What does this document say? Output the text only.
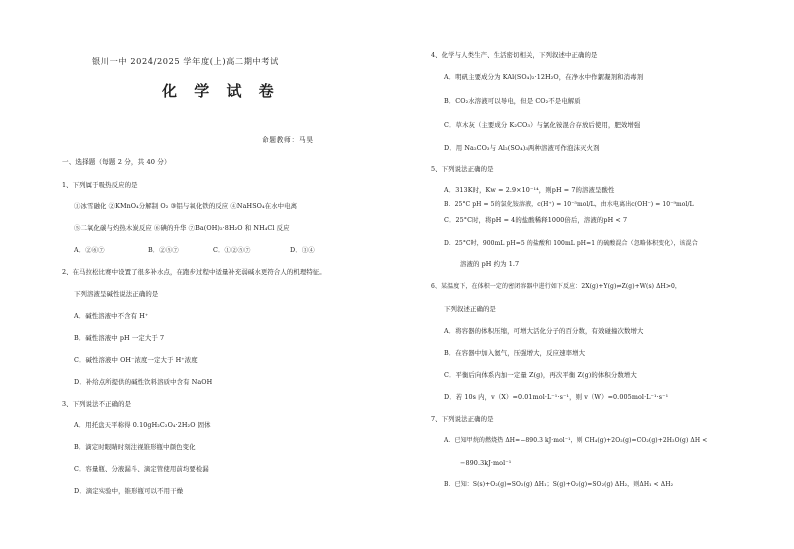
银川一中 2024/2025 学年度(上)高二期中考试
化 学 试 卷
命题教师：马昊
一、选择题（每题 2 分，共 40 分）
1、下列属于吸热反应的是
①冰雪融化 ②KMnO₄分解制 O₂ ③铝与氧化铁的反应 ④NaHSO₄在水中电离
⑤二氧化碳与灼热木炭反应 ⑥碘的升华 ⑦Ba(OH)₂·8H₂O 和 NH₄Cl 反应
A．②⑥⑦	B．②⑤⑦	C．①②⑤⑦	D．③④
2、在马拉松比赛中设置了很多补水点，在跑步过程中适量补充弱碱水更符合人的机理特征。
下列溶液呈碱性说法正确的是
A．碱性溶液中不含有 H⁺
B．碱性溶液中 pH 一定大于 7
C．碱性溶液中 OH⁻浓度一定大于 H⁺浓度
D．补给点所提供的碱性饮料溶质中含有 NaOH
3、下列说法不正确的是
A．用托盘天平称得 0.10gH₂C₂O₄·2H₂O 固体
B．滴定时眼睛时刻注视锥形瓶中颜色变化
C．容量瓶、分液漏斗、滴定管使用前均要检漏
D．滴定实验中，锥形瓶可以不用干燥
4、化学与人类生产、生活密切相关，下列叙述中正确的是
A．明矾主要成分为 KAl(SO₄)₂·12H₂O，在净水中作絮凝剂和消毒剂
B．CO₂水溶液可以导电，但是 CO₂不是电解质
C．草木灰（主要成分 K₂CO₃）与氯化铵混合存放后使用，肥效增强
D．用 Na₂CO₃与 Al₂(SO₄)₃两种溶液可作泡沫灭火剂
5、下列说法正确的是
A．313K时，Kw = 2.9×10⁻¹⁴，则pH = 7的溶液呈酸性
B．25°C pH = 5的氯化铵溶液，c(H⁺) = 10⁻⁵mol/L，由水电离出c(OH⁻) = 10⁻⁹mol/L
C．25°C时，将pH = 4的盐酸稀释1000倍后，溶液的pH < 7
D．25°C时，900mL pH=5 的盐酸和 100mL pH=1 的硫酸混合（忽略体积变化），该混合
溶液的 pH 约为 1.7
6、某温度下，在体积一定的密闭容器中进行如下反应：2X(g)+Y(g)⇌Z(g)+W(s) ΔH>0，
下列叙述正确的是
A．将容器的体积压缩，可增大活化分子的百分数，有效碰撞次数增大
B．在容器中加入氦气，压强增大，反应速率增大
C．平衡后向体系内加一定量 Z(g)，再次平衡 Z(g)的体积分数增大
D．若 10s 内，v（X）=0.01mol·L⁻¹·s⁻¹，则 v（W）=0.005mol·L⁻¹·s⁻¹
7、下列说法正确的是
A．已知甲烷的燃烧热 ΔH=−890.3 kJ·mol⁻¹，则 CH₄(g)+2O₂(g)=CO₂(g)+2H₂O(g) ΔH <
−890.3kJ·mol⁻¹
B．已知：S(s)+O₂(g)=SO₂(g) ΔH₁；S(g)+O₂(g)=SO₂(g) ΔH₂，则ΔH₁ < ΔH₂
